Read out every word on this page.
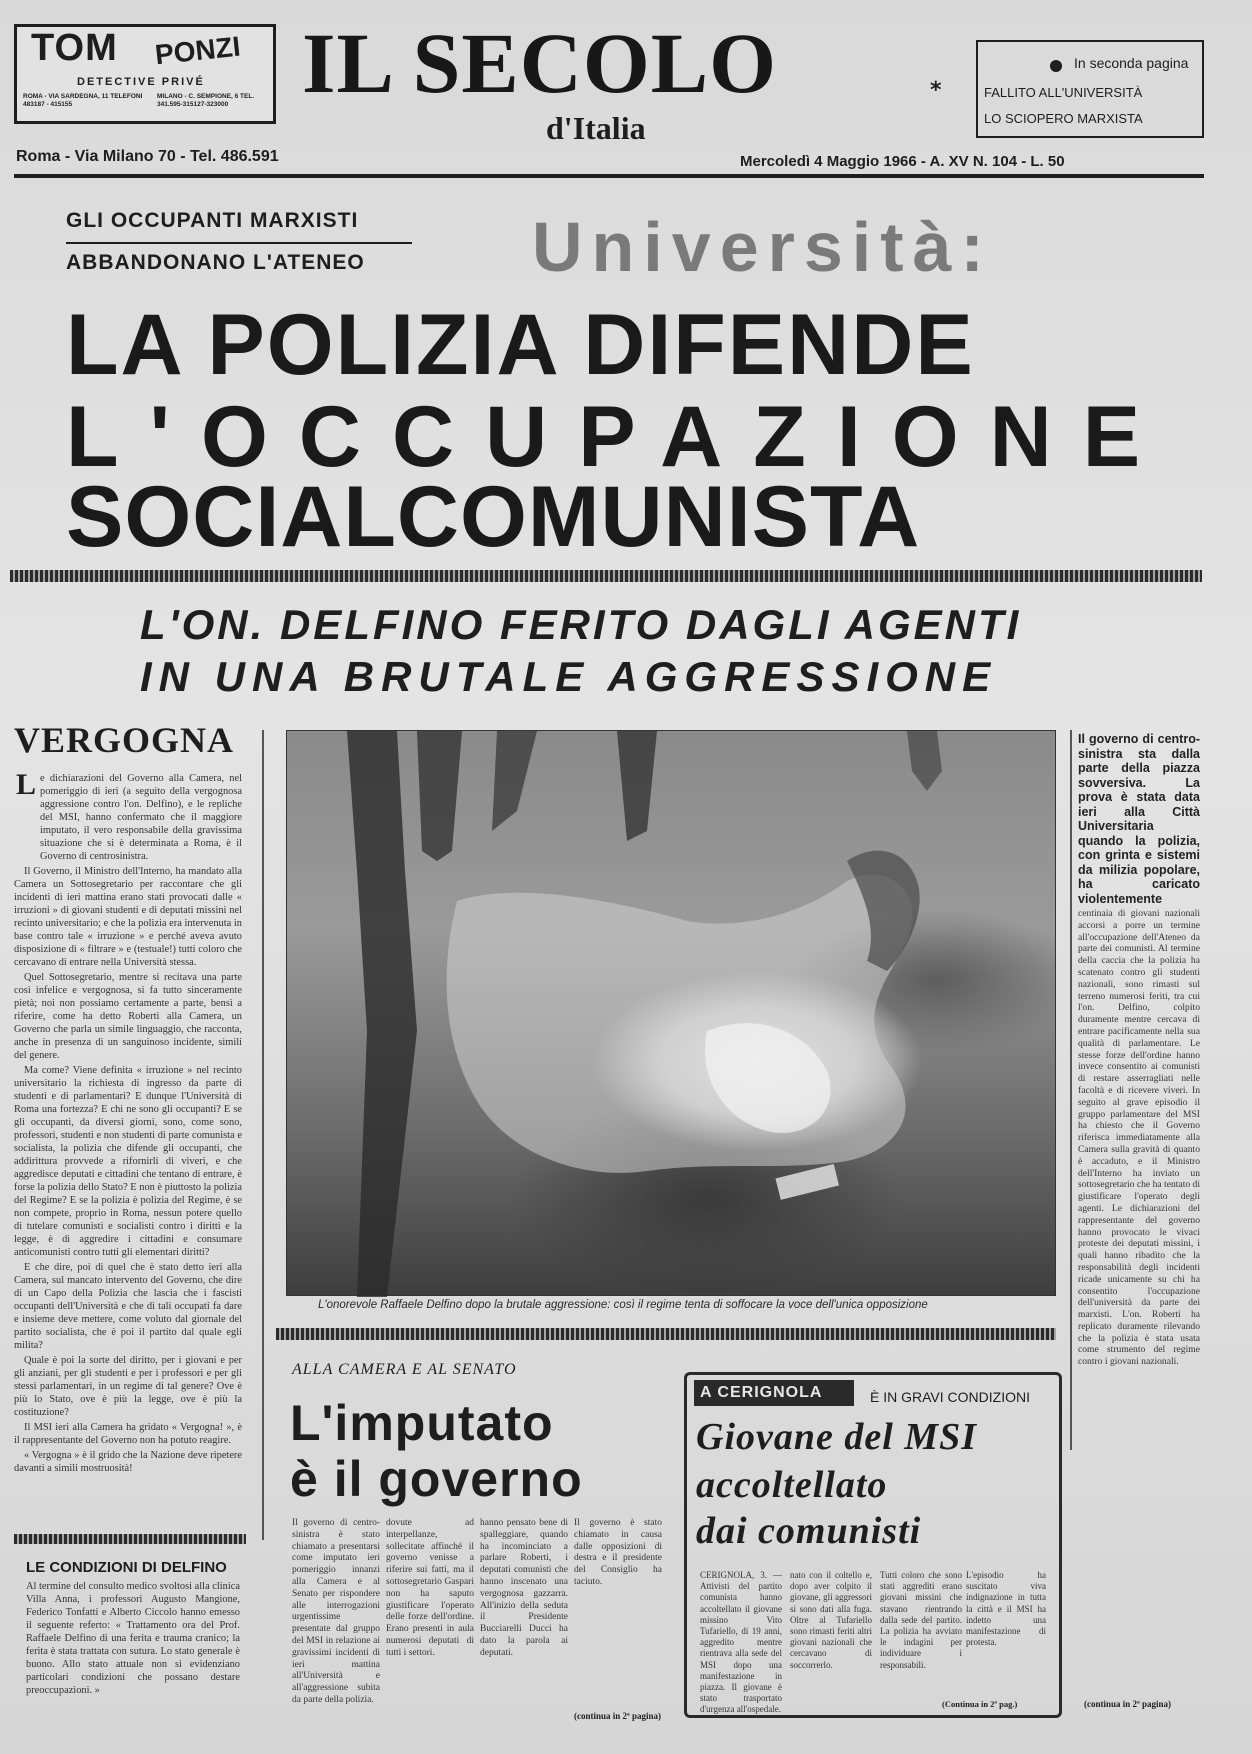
TOM PONZI
DETECTIVE PRIVÉ
ROMA - VIA SARDEGNA, 11 TELEFONI 483187 - 415155
MILANO - C. SEMPIONE, 6 TEL. 341.595-315127-323000 IL SECOLO	*
d'Italia
In seconda pagina
FALLITO ALL'UNIVERSITÀ
LO SCIOPERO MARXISTA
Roma - Via Milano 70 - Tel. 486.591	Mercoledì 4 Maggio 1966 - A. XV N. 104 - L. 50
GLI OCCUPANTI MARXISTI
ABBANDONANO L'ATENEO Università:
LA POLIZIA DIFENDE
L'OCCUPAZIONE
SOCIALCOMUNISTA
L'ON. DELFINO FERITO DAGLI AGENTI
IN UNA BRUTALE AGGRESSIONE
VERGOGNA

e dichiarazioni del Governo alla Camera, nel pomeriggio di ieri (a seguito della vergognosa aggressione contro l'on. Delfino), e le repliche del MSI, hanno confermato che il maggiore imputato, il vero responsabile della gravissima situazione che si è determinata a Roma, è il Governo di centrosinistra.

Il Governo, il Ministro dell'Interno, ha mandato alla Camera un Sottosegretario per raccontare che gli incidenti di ieri mattina erano stati provocati dalle « irruzioni » di giovani studenti e di deputati missini nel recinto universitario; e che la polizia era intervenuta in base contro tale « irruzione » e perché aveva avuto disposizione di « filtrare » e (testuale!) tutti coloro che cercavano di entrare nella Università stessa.

Quel Sottosegretario, mentre si recitava una parte così infelice e vergognosa, si fa tutto sinceramente pietà; noi non possiamo certamente a parte, bensì a riferire, come ha detto Roberti alla Camera, un Governo che parla un simile linguaggio, che racconta, anche in presenza di un sanguinoso incidente, simili del genere.

Ma come? Viene definita « irruzione » nel recinto universitario la richiesta di ingresso da parte di studenti e di parlamentari? E dunque l'Università di Roma una fortezza? E chi ne sono gli occupanti? E se gli occupanti, da diversi giorni, sono, come sono, professori, studenti e non studenti di parte comunista e socialista, la polizia che difende gli occupanti, che addirittura provvede a rifornirli di viveri, e che aggredisce deputati e cittadini che tentano di entrare, è forse la polizia dello Stato? E non è piuttosto la polizia del Regime? E se la polizia è polizia del Regime, è se non compete, proprio in Roma, nessun potere quello di tutelare comunisti e socialisti contro i diritti e la legge, è di aggredire i cittadini e consumare anticomunisti contro tutti gli elementari diritti?

E che dire, poi di quel che è stato detto ieri alla Camera, sul mancato intervento del Governo, che dire di un Capo della Polizia che lascia che i fascisti occupanti dell'Università e che di tali occupati fa dare e insieme deve mettere, come voluto dal giornale del partito socialista, che è poi il partito dal quale egli milita?

Quale è poi la sorte del diritto, per i giovani e per gli anziani, per gli studenti e per i professori e per gli stessi parlamentari, in un regime di tal genere? Ove è più lo Stato, ove è più la legge, ove è più la costituzione?

Il MSI ieri alla Camera ha gridato « Vergogna! », è il rappresentante del Governo non ha potuto reagire.

« Vergogna » è il grido che la Nazione deve ripetere davanti a simili mostruosità!

L
LE CONDIZIONI DI DELFINO
Al termine del consulto medico svoltosi alla clinica Villa Anna, i professori Augusto Mangione, Federico Tonfatti e Alberto Ciccolo hanno emesso il seguente referto: « Trattamento ora del Prof. Raffaele Delfino di una ferita e trauma cranico; la ferita è stata trattata con sutura. Lo stato generale è buono. Allo stato attuale non si evidenziano particolari condizioni che possano destare preoccupazioni. »
L'onorevole Raffaele Delfino dopo la brutale aggressione: così il regime tenta di soffocare la voce dell'unica opposizione
Il governo di centro-sinistra sta dalla parte della piazza sovversiva. La prova è stata data ieri alla Città Universitaria quando la polizia, con grinta e sistemi da milizia popolare, ha caricato violentemente
centinaia di giovani nazionali accorsi a porre un termine all'occupazione dell'Ateneo da parte dei comunisti. Al termine della caccia che la polizia ha scatenato contro gli studenti nazionali, sono rimasti sul terreno numerosi feriti, tra cui l'on. Delfino, colpito duramente mentre cercava di entrare pacificamente nella sua qualità di parlamentare. Le stesse forze dell'ordine hanno invece consentito ai comunisti di restare asserragliati nelle facoltà e di ricevere viveri. In seguito al grave episodio il gruppo parlamentare del MSI ha chiesto che il Governo riferisca immediatamente alla Camera sulla gravità di quanto è accaduto, e il Ministro dell'Interno ha inviato un sottosegretario che ha tentato di giustificare l'operato degli agenti. Le dichiarazioni del rappresentante del governo hanno provocato le vivaci proteste dei deputati missini, i quali hanno ribadito che la responsabilità degli incidenti ricade unicamente su chi ha consentito l'occupazione dell'università da parte dei marxisti. L'on. Roberti ha replicato duramente rilevando che la polizia è stata usata come strumento del regime contro i giovani nazionali.
(continua in 2ª pagina)
ALLA CAMERA E AL SENATO
L'imputato
è il governo
Il governo di centro-sinistra è stato chiamato a presentarsi come imputato ieri pomeriggio innanzi alla Camera e al Senato per rispondere alle interrogazioni urgentissime presentate dal gruppo del MSI in relazione ai gravissimi incidenti di ieri mattina all'Università e all'aggressione subita da parte della polizia.
dovute ad interpellanze, sollecitate affinché il governo venisse a riferire sui fatti, ma il sottosegretario Gaspari non ha saputo giustificare l'operato delle forze dell'ordine. Erano presenti in aula numerosi deputati di tutti i settori.
hanno pensato bene di spalleggiare, quando ha incominciato a parlare Roberti, i deputati comunisti che hanno inscenato una vergognosa gazzarra. All'inizio della seduta il Presidente Bucciarelli Ducci ha dato la parola ai deputati.
Il governo è stato chiamato in causa dalle opposizioni di destra e il presidente del Consiglio ha taciuto.
(continua in 2ª pagina)
A CERIGNOLA	È IN GRAVI CONDIZIONI
Giovane del MSI
accoltellato
dai comunisti
CERIGNOLA, 3. — Attivisti del partito comunista hanno accoltellato il giovane missino Vito Tufariello, di 19 anni, aggredito mentre rientrava alla sede del MSI dopo una manifestazione in piazza. Il giovane è stato trasportato d'urgenza all'ospedale.
nato con il coltello e, dopo aver colpito il giovane, gli aggressori si sono dati alla fuga. Oltre al Tufariello sono rimasti feriti altri giovani nazionali che cercavano di soccorrerlo.
Tutti coloro che sono stati aggrediti erano giovani missini che stavano rientrando dalla sede del partito. La polizia ha avviato le indagini per individuare i responsabili.
L'episodio ha suscitato viva indignazione in tutta la città e il MSI ha indetto una manifestazione di protesta.
(Continua in 2ª pag.)
